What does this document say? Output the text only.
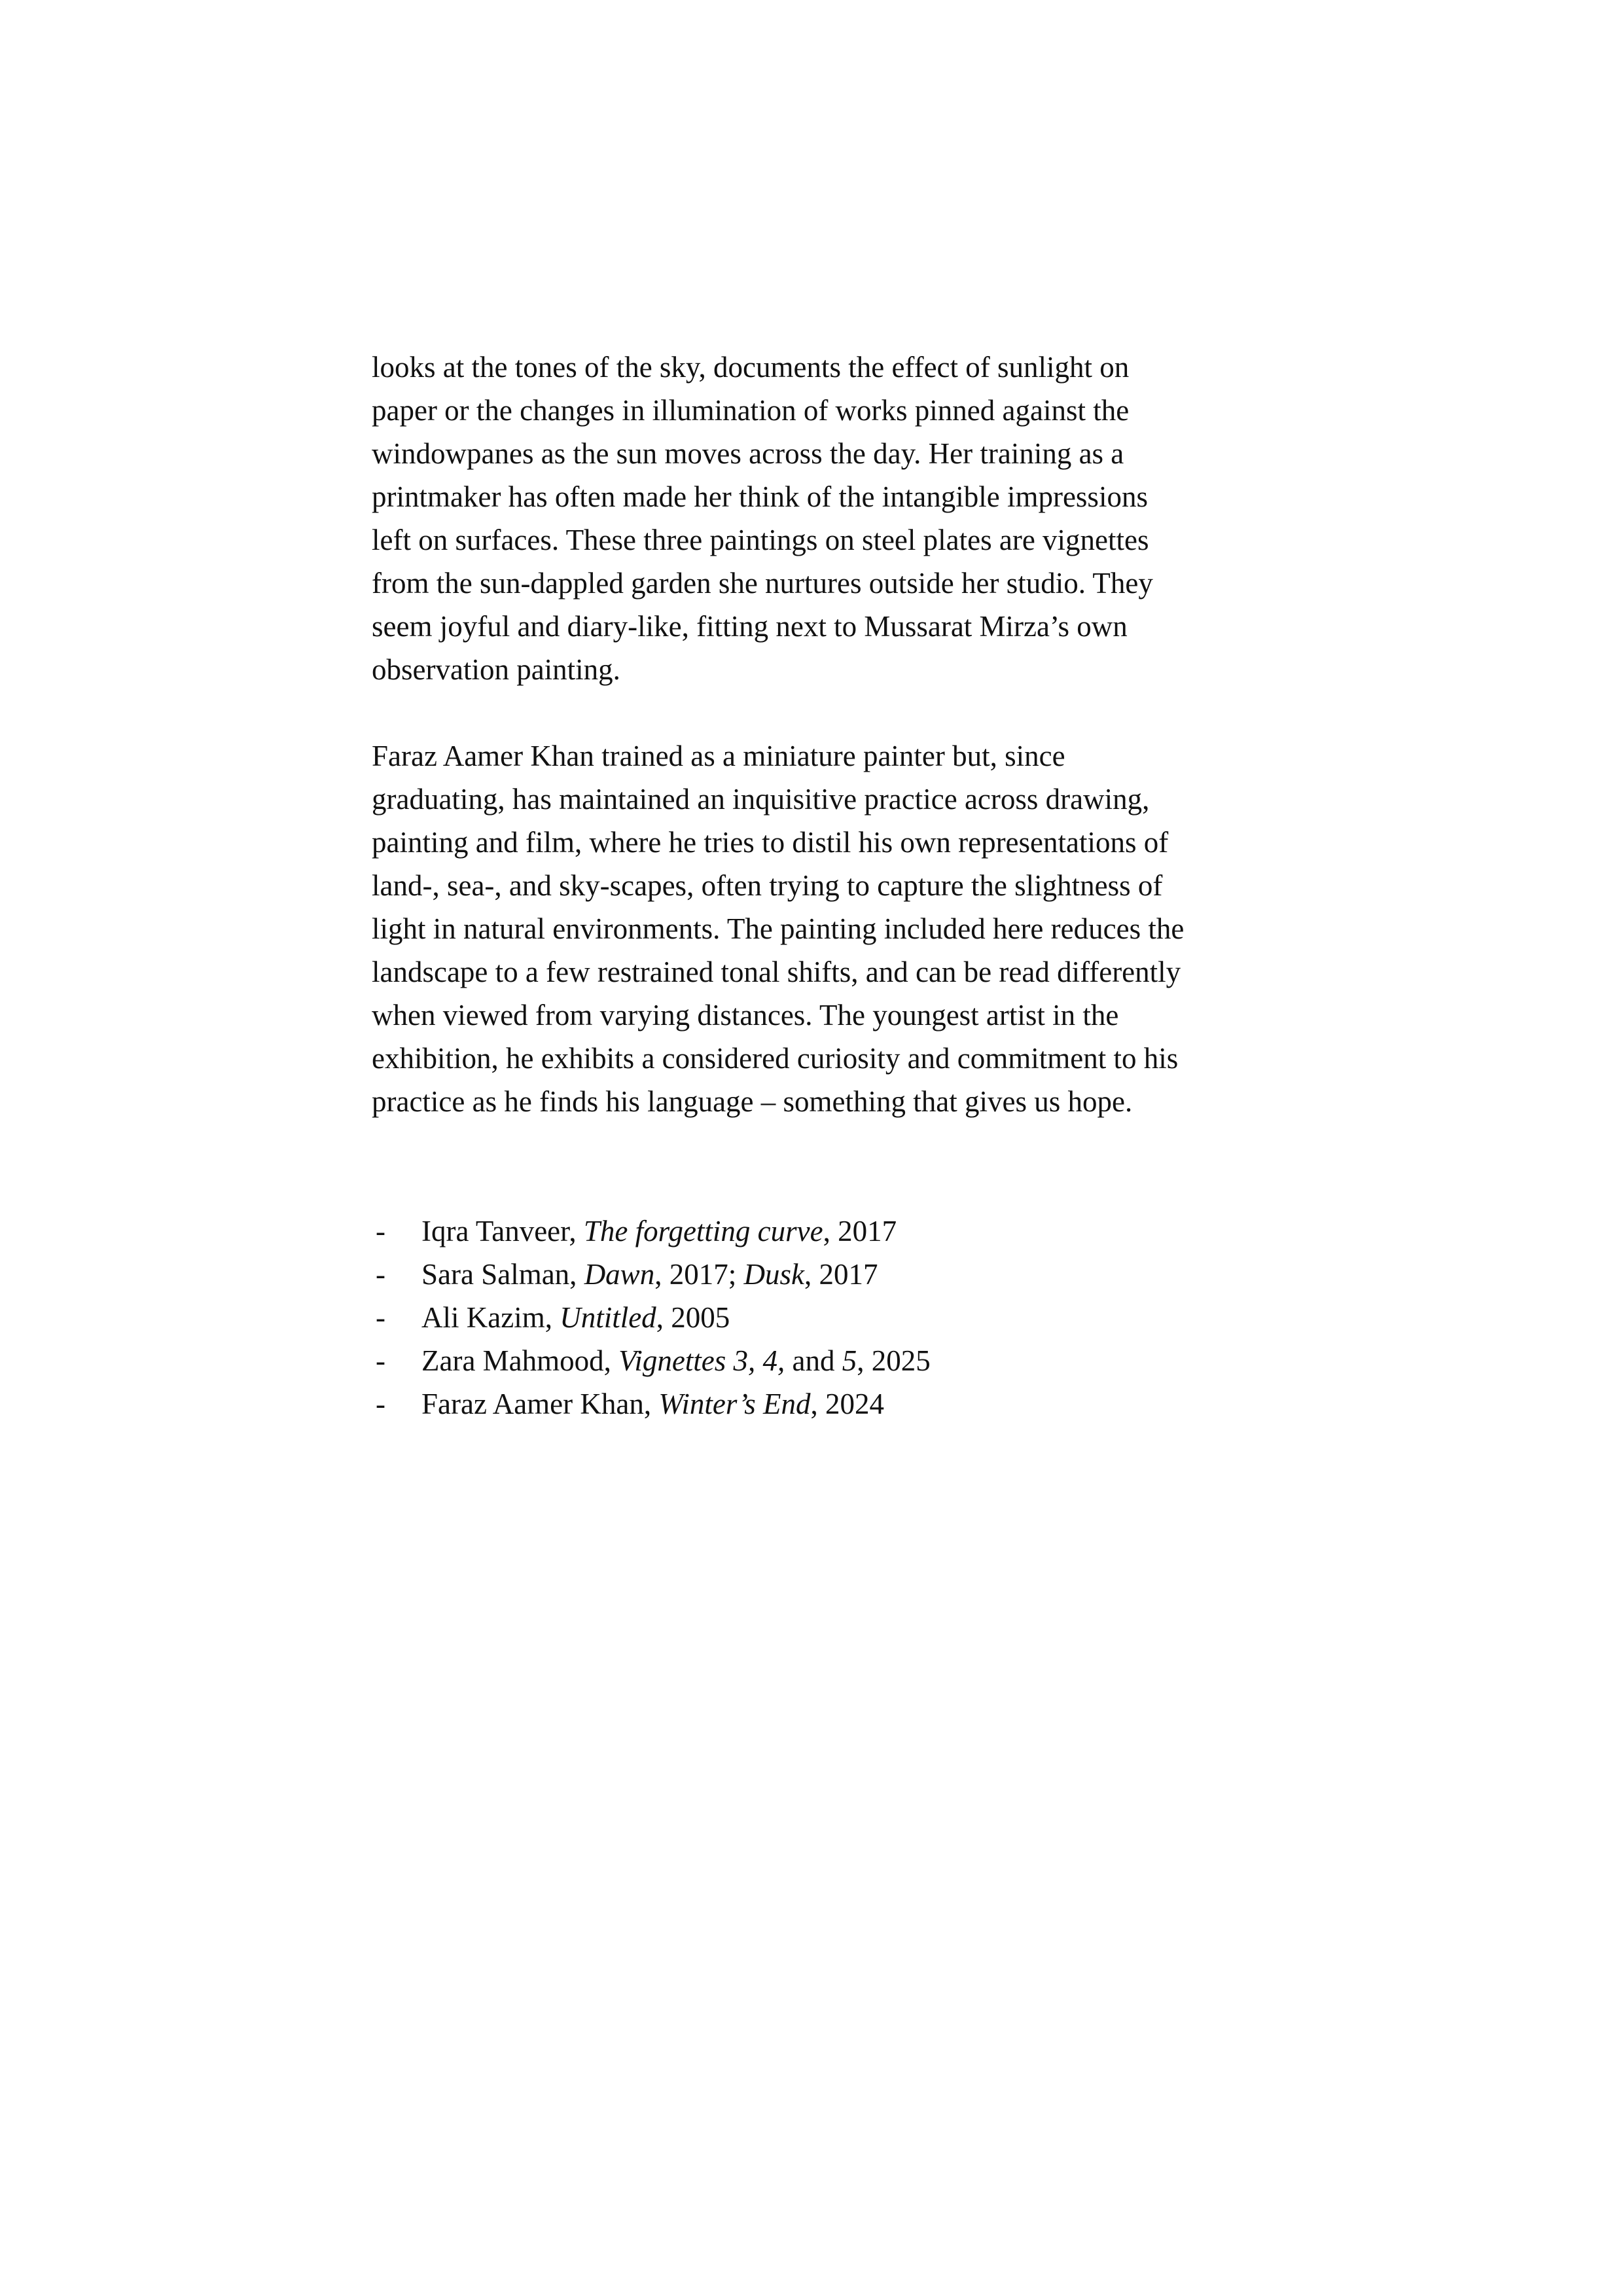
looks at the tones of the sky, documents the effect of sunlight on
paper or the changes in illumination of works pinned against the
windowpanes as the sun moves across the day. Her training as a
printmaker has often made her think of the intangible impressions
left on surfaces. These three paintings on steel plates are vignettes
from the sun-dappled garden she nurtures outside her studio. They
seem joyful and diary-like, fitting next to Mussarat Mirza’s own
observation painting.

Faraz Aamer Khan trained as a miniature painter but, since
graduating, has maintained an inquisitive practice across drawing,
painting and film, where he tries to distil his own representations of
land-, sea-, and sky-scapes, often trying to capture the slightness of
light in natural environments. The painting included here reduces the
landscape to a few restrained tonal shifts, and can be read differently
when viewed from varying distances. The youngest artist in the
exhibition, he exhibits a considered curiosity and commitment to his
practice as he finds his language – something that gives us hope.

- Iqra Tanveer, The forgetting curve, 2017
- Sara Salman, Dawn, 2017; Dusk, 2017
- Ali Kazim, Untitled, 2005
- Zara Mahmood, Vignettes 3, 4, and 5, 2025
- Faraz Aamer Khan, Winter’s End, 2024
